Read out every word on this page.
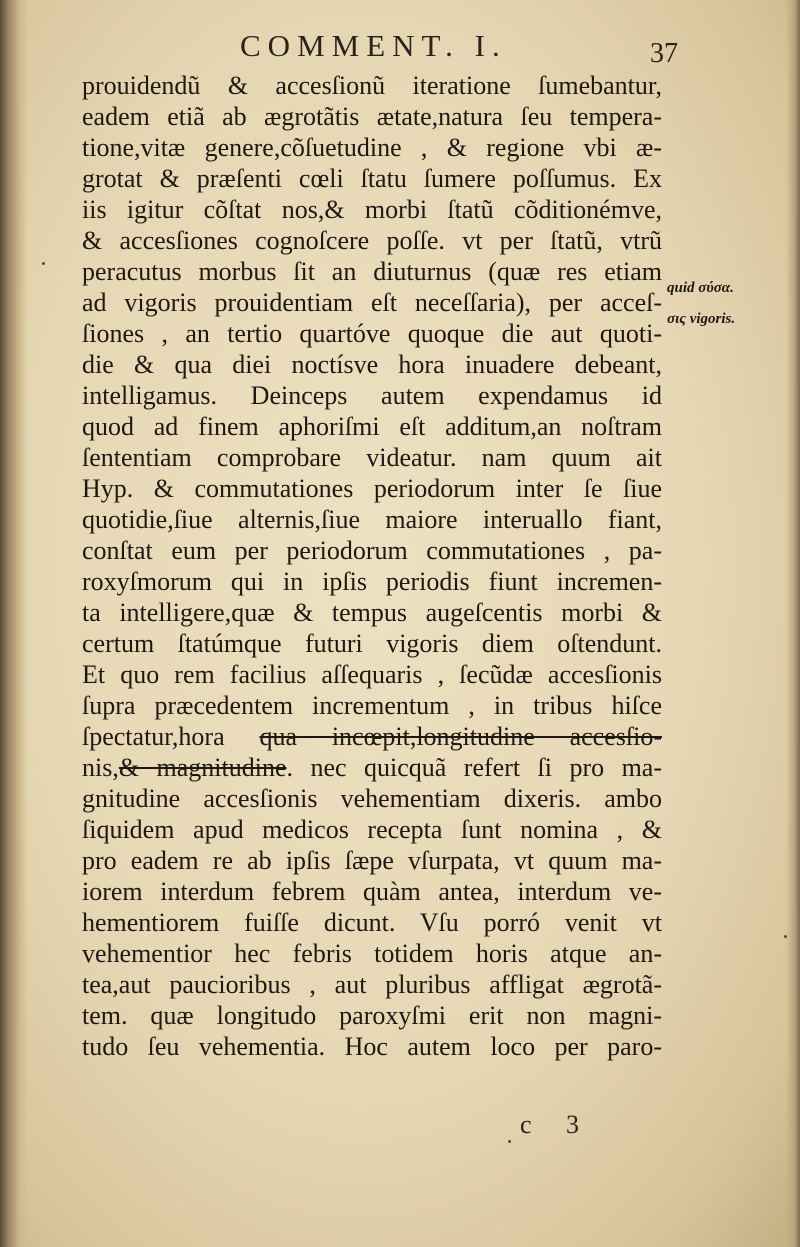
COMMENT. I.	37
prouidendũ & accesſionũ iteratione ſumebantur,
eadem etiã ab ægrotãtis ætate,natura ſeu tempera-
tione,vitæ genere,cõſuetudine , & regione vbi æ-
grotat & præſenti cœli ſtatu ſumere poſſumus. Ex
iis igitur cõſtat nos,& morbi ſtatũ cõditionémve,
& accesſiones cognoſcere poſſe. vt per ſtatũ, vtrũ
peracutus morbus ſit an diuturnus (quæ res etiam
ad vigoris prouidentiam eſt neceſſaria), per acceſ-
ſiones , an tertio quartóve quoque die aut quoti-
die & qua diei noctísve hora inuadere debeant,
intelligamus. Deinceps autem expendamus id
quod ad finem aphoriſmi eſt additum,an noſtram
ſententiam comprobare videatur. nam quum ait
Hyp. & commutationes periodorum inter ſe ſiue
quotidie,ſiue alternis,ſiue maiore interuallo fiant,
conſtat eum per periodorum commutationes , pa-
roxyſmorum qui in ipſis periodis fiunt incremen-
ta intelligere,quæ & tempus augeſcentis morbi &
certum ſtatúmque futuri vigoris diem oſtendunt.
Et quo rem facilius aſſequaris , ſecũdæ accesſionis
ſupra præcedentem incrementum , in tribus hiſce
ſpectatur,hora qua incœpit,longitudine accesſio-
nis,& magnitudine. nec quicquã refert ſi pro ma-
gnitudine accesſionis vehementiam dixeris. ambo
ſiquidem apud medicos recepta ſunt nomina , &
pro eadem re ab ipſis ſæpe vſurpata, vt quum ma-
iorem interdum febrem quàm antea, interdum ve-
hementiorem fuiſſe dicunt. Vſu porró venit vt
vehementior hec febris totidem horis atque an-
tea,aut paucioribus , aut pluribus affligat ægrotã-
tem. quæ longitudo paroxyſmi erit non magni-
tudo ſeu vehementia. Hoc autem loco per paro-
quid σύσα.
σις vigoris.
c 3
